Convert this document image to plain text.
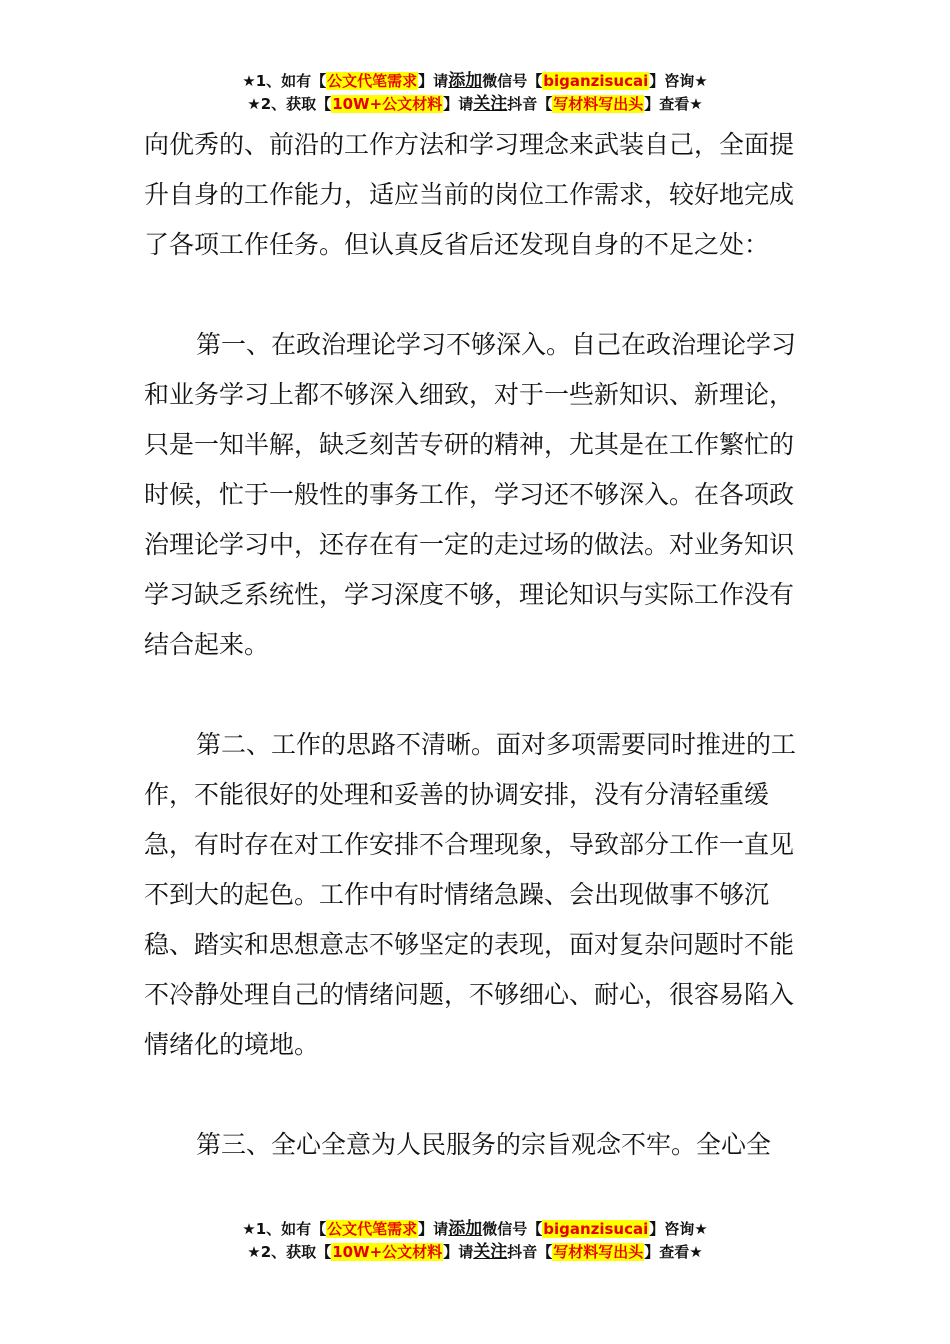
★1、如有【公文代笔需求】请添加微信号【biganzisucai】咨询★
★2、获取【10W+公文材料】请关注抖音【写材料写出头】查看★

向优秀的、前沿的工作方法和学习理念来武装自己，全面提升自身的工作能力，适应当前的岗位工作需求，较好地完成了各项工作任务。但认真反省后还发现自身的不足之处：

第一、在政治理论学习不够深入。自己在政治理论学习和业务学习上都不够深入细致，对于一些新知识、新理论，只是一知半解，缺乏刻苦专研的精神，尤其是在工作繁忙的时候，忙于一般性的事务工作，学习还不够深入。在各项政治理论学习中，还存在有一定的走过场的做法。对业务知识学习缺乏系统性，学习深度不够，理论知识与实际工作没有结合起来。

第二、工作的思路不清晰。面对多项需要同时推进的工作，不能很好的处理和妥善的协调安排，没有分清轻重缓急，有时存在对工作安排不合理现象，导致部分工作一直见不到大的起色。工作中有时情绪急躁、会出现做事不够沉稳、踏实和思想意志不够坚定的表现，面对复杂问题时不能不冷静处理自己的情绪问题，不够细心、耐心，很容易陷入情绪化的境地。

第三、全心全意为人民服务的宗旨观念不牢。全心全

★1、如有【公文代笔需求】请添加微信号【biganzisucai】咨询★
★2、获取【10W+公文材料】请关注抖音【写材料写出头】查看★
